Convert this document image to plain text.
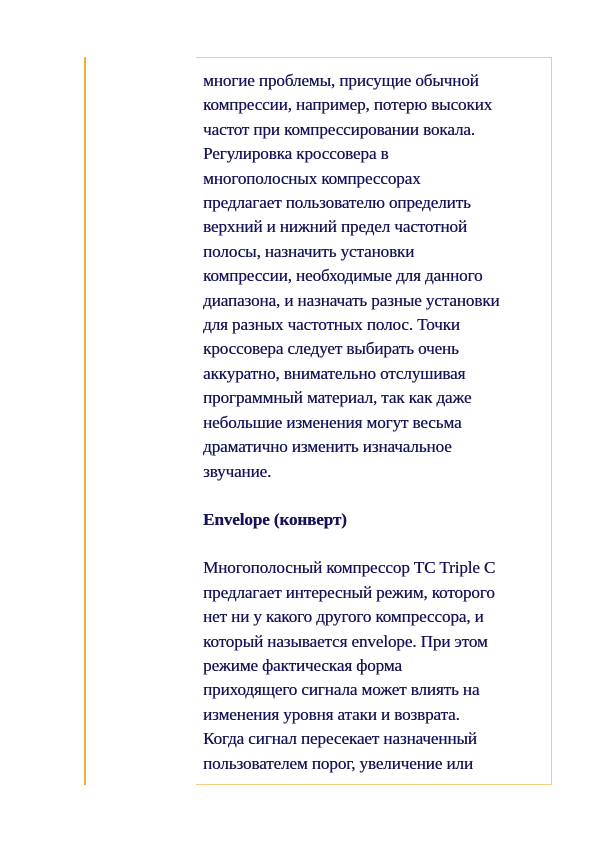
многие проблемы, присущие обычной
компрессии, например, потерю высоких
частот при компрессировании вокала.
Регулировка кроссовера в
многополосных компрессорах
предлагает пользователю определить
верхний и нижний предел частотной
полосы, назначить установки
компрессии, необходимые для данного
диапазона, и назначать разные установки
для разных частотных полос. Точки
кроссовера следует выбирать очень
аккуратно, внимательно отслушивая
программный материал, так как даже
небольшие изменения могут весьма
драматично изменить изначальное
звучание.

Envelope (конверт)

Многополосный компрессор TC Triple C
предлагает интересный режим, которого
нет ни у какого другого компрессора, и
который называется envelope. При этом
режиме фактическая форма
приходящего сигнала может влиять на
изменения уровня атаки и возврата.
Когда сигнал пересекает назначенный
пользователем порог, увеличение или
